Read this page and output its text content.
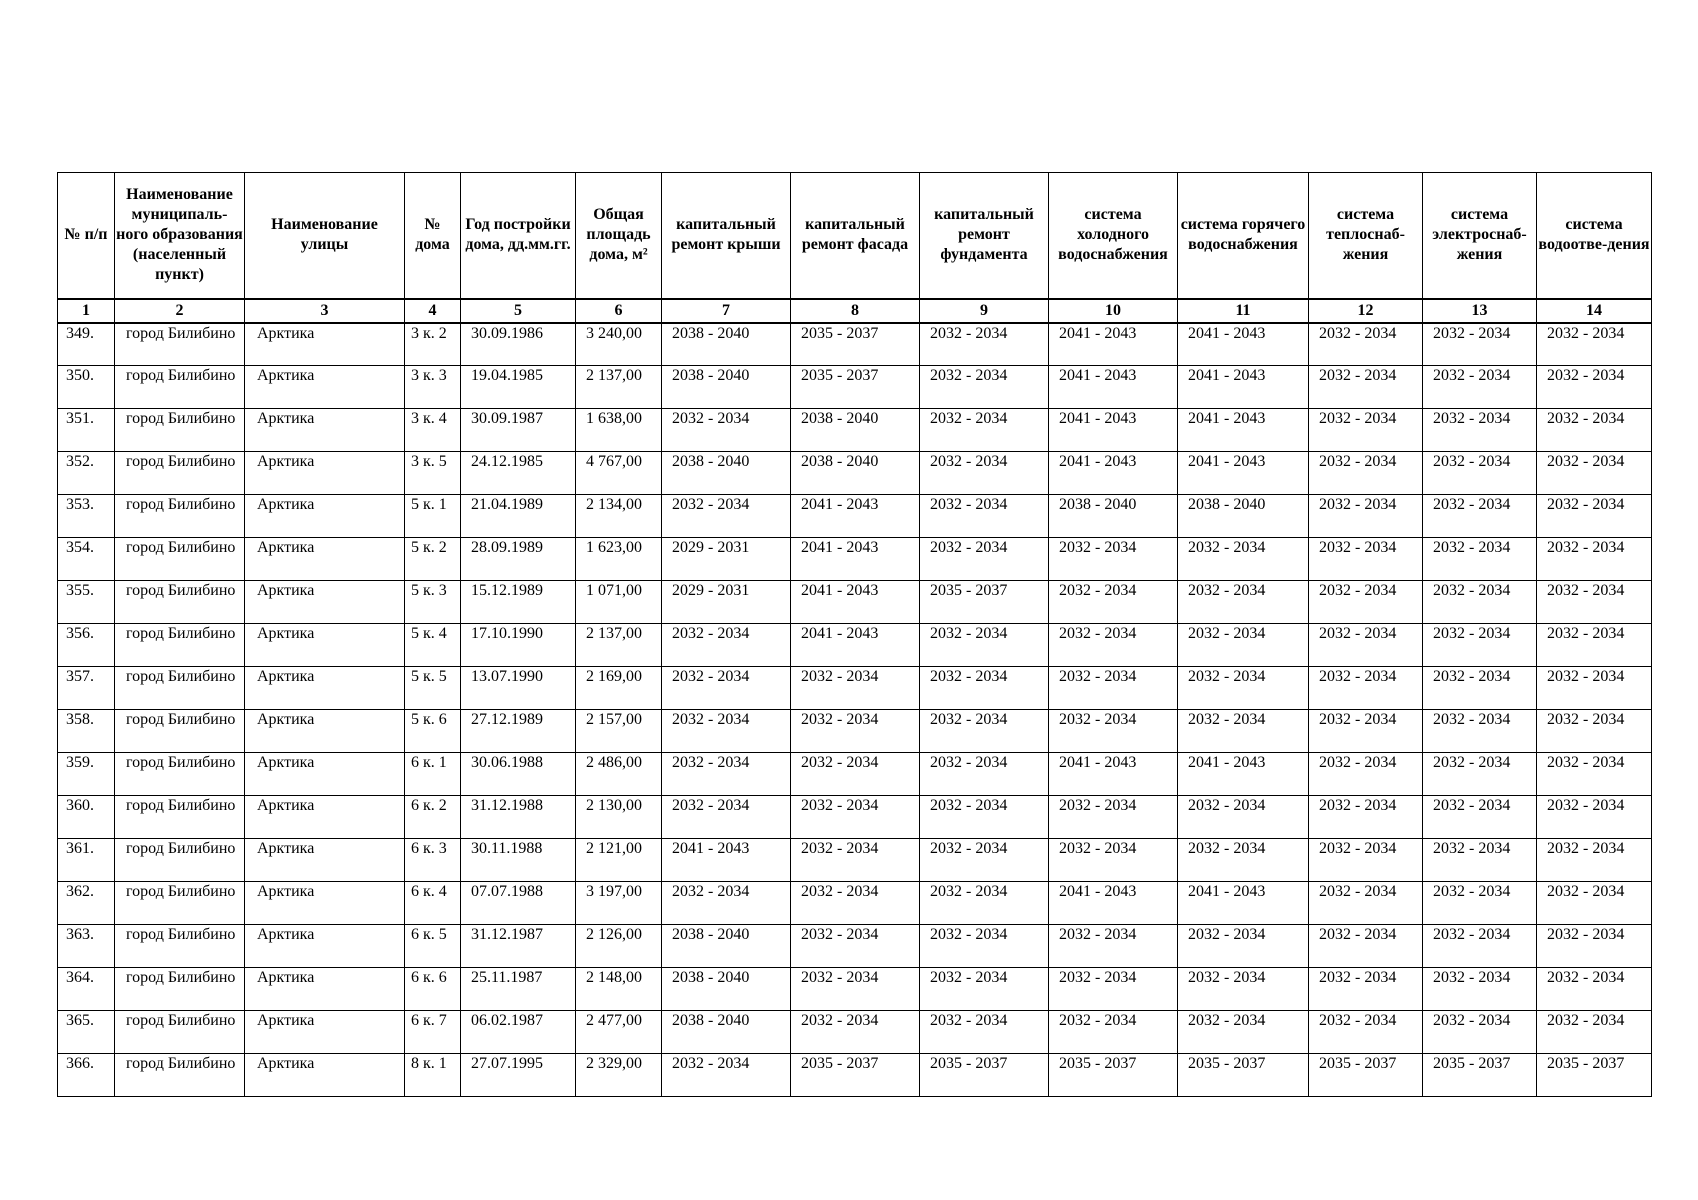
№ п/п	Наименование муниципаль-ного образования (населенный пункт)	Наименование улицы	№ дома	Год постройки дома, дд.мм.гг.	Общая площадь дома, м²	капитальный ремонт крыши	капитальный ремонт фасада	капитальный ремонт фундамента	система холодного водоснабжения	система горячего водоснабжения	система теплоснаб-жения	система электроснаб-жения	система водоотве-дения
1	2	3	4	5	6	7	8	9	10	11	12	13	14
349.	город Билибино	Арктика	3 к. 2	30.09.1986	3 240,00	2038 - 2040	2035 - 2037	2032 - 2034	2041 - 2043	2041 - 2043	2032 - 2034	2032 - 2034	2032 - 2034
350.	город Билибино	Арктика	3 к. 3	19.04.1985	2 137,00	2038 - 2040	2035 - 2037	2032 - 2034	2041 - 2043	2041 - 2043	2032 - 2034	2032 - 2034	2032 - 2034
351.	город Билибино	Арктика	3 к. 4	30.09.1987	1 638,00	2032 - 2034	2038 - 2040	2032 - 2034	2041 - 2043	2041 - 2043	2032 - 2034	2032 - 2034	2032 - 2034
352.	город Билибино	Арктика	3 к. 5	24.12.1985	4 767,00	2038 - 2040	2038 - 2040	2032 - 2034	2041 - 2043	2041 - 2043	2032 - 2034	2032 - 2034	2032 - 2034
353.	город Билибино	Арктика	5 к. 1	21.04.1989	2 134,00	2032 - 2034	2041 - 2043	2032 - 2034	2038 - 2040	2038 - 2040	2032 - 2034	2032 - 2034	2032 - 2034
354.	город Билибино	Арктика	5 к. 2	28.09.1989	1 623,00	2029 - 2031	2041 - 2043	2032 - 2034	2032 - 2034	2032 - 2034	2032 - 2034	2032 - 2034	2032 - 2034
355.	город Билибино	Арктика	5 к. 3	15.12.1989	1 071,00	2029 - 2031	2041 - 2043	2035 - 2037	2032 - 2034	2032 - 2034	2032 - 2034	2032 - 2034	2032 - 2034
356.	город Билибино	Арктика	5 к. 4	17.10.1990	2 137,00	2032 - 2034	2041 - 2043	2032 - 2034	2032 - 2034	2032 - 2034	2032 - 2034	2032 - 2034	2032 - 2034
357.	город Билибино	Арктика	5 к. 5	13.07.1990	2 169,00	2032 - 2034	2032 - 2034	2032 - 2034	2032 - 2034	2032 - 2034	2032 - 2034	2032 - 2034	2032 - 2034
358.	город Билибино	Арктика	5 к. 6	27.12.1989	2 157,00	2032 - 2034	2032 - 2034	2032 - 2034	2032 - 2034	2032 - 2034	2032 - 2034	2032 - 2034	2032 - 2034
359.	город Билибино	Арктика	6 к. 1	30.06.1988	2 486,00	2032 - 2034	2032 - 2034	2032 - 2034	2041 - 2043	2041 - 2043	2032 - 2034	2032 - 2034	2032 - 2034
360.	город Билибино	Арктика	6 к. 2	31.12.1988	2 130,00	2032 - 2034	2032 - 2034	2032 - 2034	2032 - 2034	2032 - 2034	2032 - 2034	2032 - 2034	2032 - 2034
361.	город Билибино	Арктика	6 к. 3	30.11.1988	2 121,00	2041 - 2043	2032 - 2034	2032 - 2034	2032 - 2034	2032 - 2034	2032 - 2034	2032 - 2034	2032 - 2034
362.	город Билибино	Арктика	6 к. 4	07.07.1988	3 197,00	2032 - 2034	2032 - 2034	2032 - 2034	2041 - 2043	2041 - 2043	2032 - 2034	2032 - 2034	2032 - 2034
363.	город Билибино	Арктика	6 к. 5	31.12.1987	2 126,00	2038 - 2040	2032 - 2034	2032 - 2034	2032 - 2034	2032 - 2034	2032 - 2034	2032 - 2034	2032 - 2034
364.	город Билибино	Арктика	6 к. 6	25.11.1987	2 148,00	2038 - 2040	2032 - 2034	2032 - 2034	2032 - 2034	2032 - 2034	2032 - 2034	2032 - 2034	2032 - 2034
365.	город Билибино	Арктика	6 к. 7	06.02.1987	2 477,00	2038 - 2040	2032 - 2034	2032 - 2034	2032 - 2034	2032 - 2034	2032 - 2034	2032 - 2034	2032 - 2034
366.	город Билибино	Арктика	8 к. 1	27.07.1995	2 329,00	2032 - 2034	2035 - 2037	2035 - 2037	2035 - 2037	2035 - 2037	2035 - 2037	2035 - 2037	2035 - 2037
